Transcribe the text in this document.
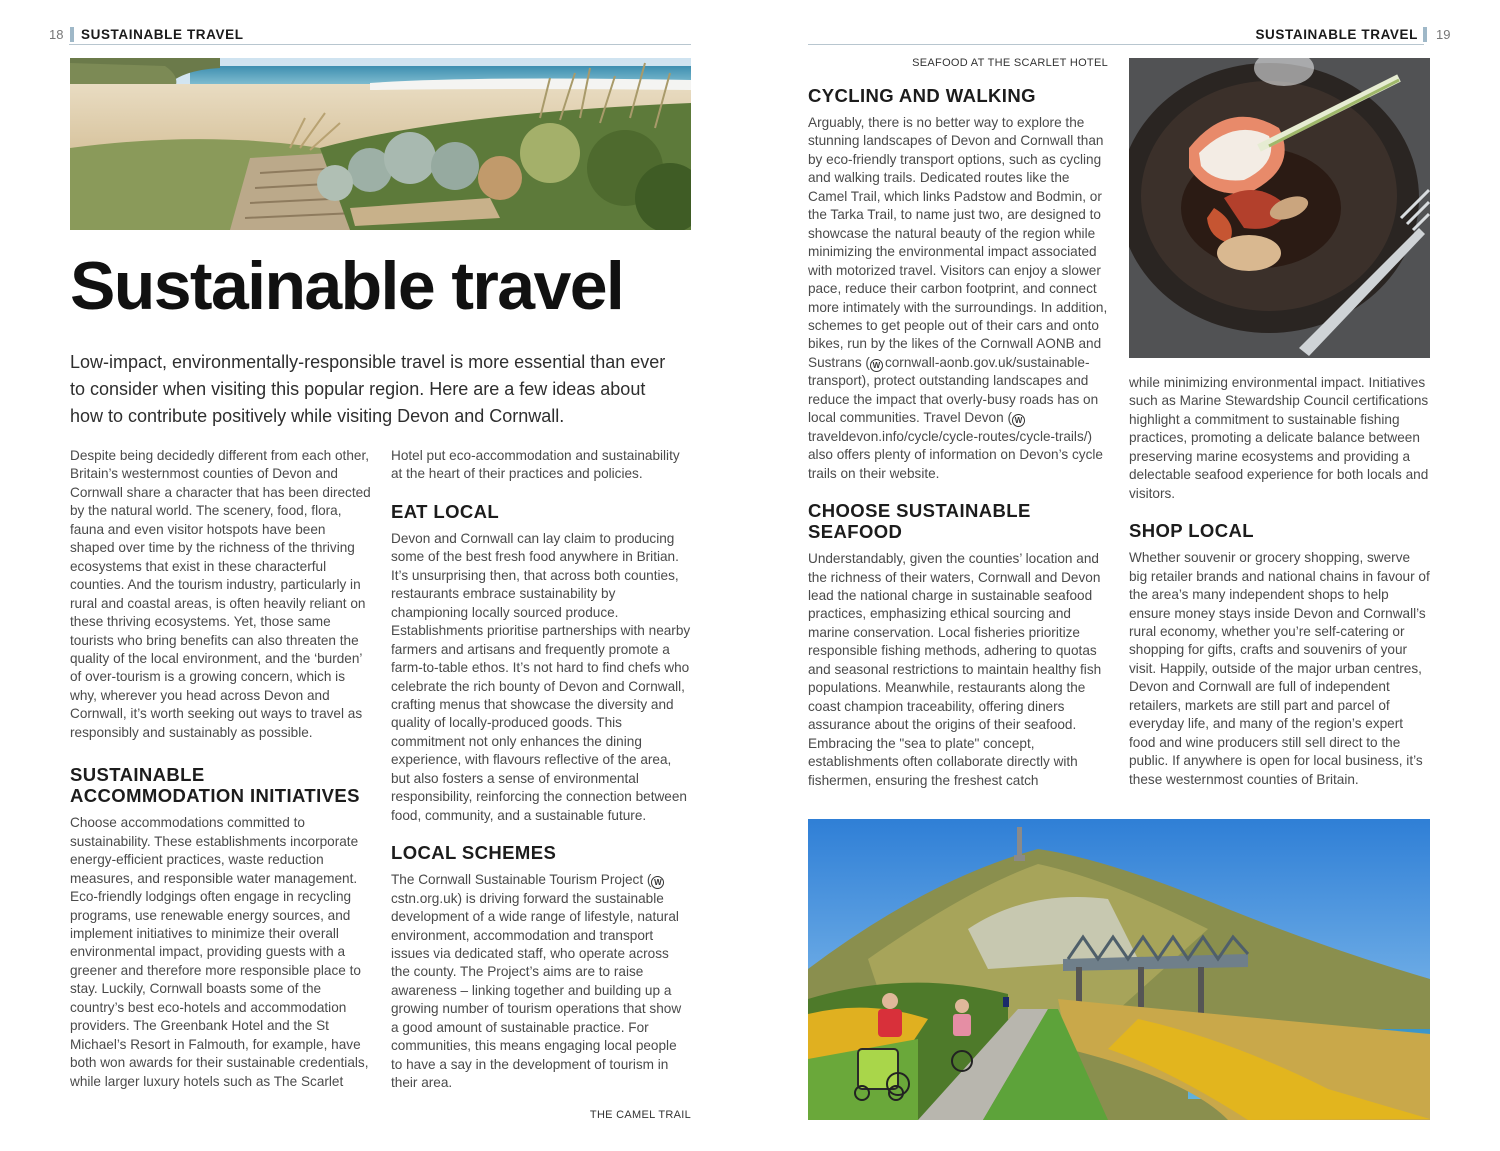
18 SUSTAINABLE TRAVEL
Sustainable travel
Low-impact, environmentally-responsible travel is more essential than ever to consider when visiting this popular region. Here are a few ideas about how to contribute positively while visiting Devon and Cornwall.

Despite being decidedly different from each other, Britain’s westernmost counties of Devon and Cornwall share a character that has been directed by the natural world. The scenery, food, flora, fauna and even visitor hotspots have been shaped over time by the richness of the thriving ecosystems that exist in these characterful counties. And the tourism industry, particularly in rural and coastal areas, is often heavily reliant on these thriving ecosystems. Yet, those same tourists who bring benefits can also threaten the quality of the local environment, and the ‘burden’ of over-tourism is a growing concern, which is why, wherever you head across Devon and Cornwall, it’s worth seeking out ways to travel as responsibly and sustainably as possible.

SUSTAINABLE
ACCOMMODATION INITIATIVES

Choose accommodations committed to sustainability. These establishments incorporate energy-efficient practices, waste reduction measures, and responsible water management. Eco-friendly lodgings often engage in recycling programs, use renewable energy sources, and implement initiatives to minimize their overall environmental impact, providing guests with a greener and therefore more responsible place to stay. Luckily, Cornwall boasts some of the country’s best eco-hotels and accommodation providers. The Greenbank Hotel and the St Michael’s Resort in Falmouth, for example, have both won awards for their sustainable credentials, while larger luxury hotels such as The Scarlet

Hotel put eco-accommodation and sustainability at the heart of their practices and policies.

EAT LOCAL

Devon and Cornwall can lay claim to producing some of the best fresh food anywhere in Britian. It’s unsurprising then, that across both counties, restaurants embrace sustainability by championing locally sourced produce. Establishments prioritise partnerships with nearby farmers and artisans and frequently promote a farm-to-table ethos. It’s not hard to find chefs who celebrate the rich bounty of Devon and Cornwall, crafting menus that showcase the diversity and quality of locally-produced goods. This commitment not only enhances the dining experience, with flavours reflective of the area, but also fosters a sense of environmental responsibility, reinforcing the connection between food, community, and a sustainable future.

LOCAL SCHEMES

The Cornwall Sustainable Tourism Project ( Wcstn.org.uk) is driving forward the sustainable development of a wide range of lifestyle, natural environment, accommodation and transport issues via dedicated staff, who operate across the county. The Project’s aims are to raise awareness – linking together and building up a growing number of tourism operations that show a good amount of sustainable practice. For communities, this means engaging local people to have a say in the development of tourism in their area.

THE CAMEL TRAIL
SUSTAINABLE TRAVEL 19
SEAFOOD AT THE SCARLET HOTEL
CYCLING AND WALKING

Arguably, there is no better way to explore the stunning landscapes of Devon and Cornwall than by eco-friendly transport options, such as cycling and walking trails. Dedicated routes like the Camel Trail, which links Padstow and Bodmin, or the Tarka Trail, to name just two, are designed to showcase the natural beauty of the region while minimizing the environmental impact associated with motorized travel. Visitors can enjoy a slower pace, reduce their carbon footprint, and connect more intimately with the surroundings. In addition, schemes to get people out of their cars and onto bikes, run by the likes of the Cornwall AONB and Sustrans ( W cornwall-aonb.gov.uk/sustainable-transport), protect outstanding landscapes and reduce the impact that overly-busy roads has on local communities. Travel Devon ( Wtraveldevon.info/cycle/cycle-routes/cycle-trails/) also offers plenty of information on Devon’s cycle trails on their website.

CHOOSE SUSTAINABLE SEAFOOD

Understandably, given the counties’ location and the richness of their waters, Cornwall and Devon lead the national charge in sustainable seafood practices, emphasizing ethical sourcing and marine conservation. Local fisheries prioritize responsible fishing methods, adhering to quotas and seasonal restrictions to maintain healthy fish populations. Meanwhile, restaurants along the coast champion traceability, offering diners assurance about the origins of their seafood. Embracing the "sea to plate" concept, establishments often collaborate directly with fishermen, ensuring the freshest catch

while minimizing environmental impact. Initiatives such as Marine Stewardship Council certifications highlight a commitment to sustainable fishing practices, promoting a delicate balance between preserving marine ecosystems and providing a delectable seafood experience for both locals and visitors.

SHOP LOCAL

Whether souvenir or grocery shopping, swerve big retailer brands and national chains in favour of the area’s many independent shops to help ensure money stays inside Devon and Cornwall’s rural economy, whether you’re self-catering or shopping for gifts, crafts and souvenirs of your visit. Happily, outside of the major urban centres, Devon and Cornwall are full of independent retailers, markets are still part and parcel of everyday life, and many of the region’s expert food and wine producers still sell direct to the public. If anywhere is open for local business, it’s these westernmost counties of Britain.
